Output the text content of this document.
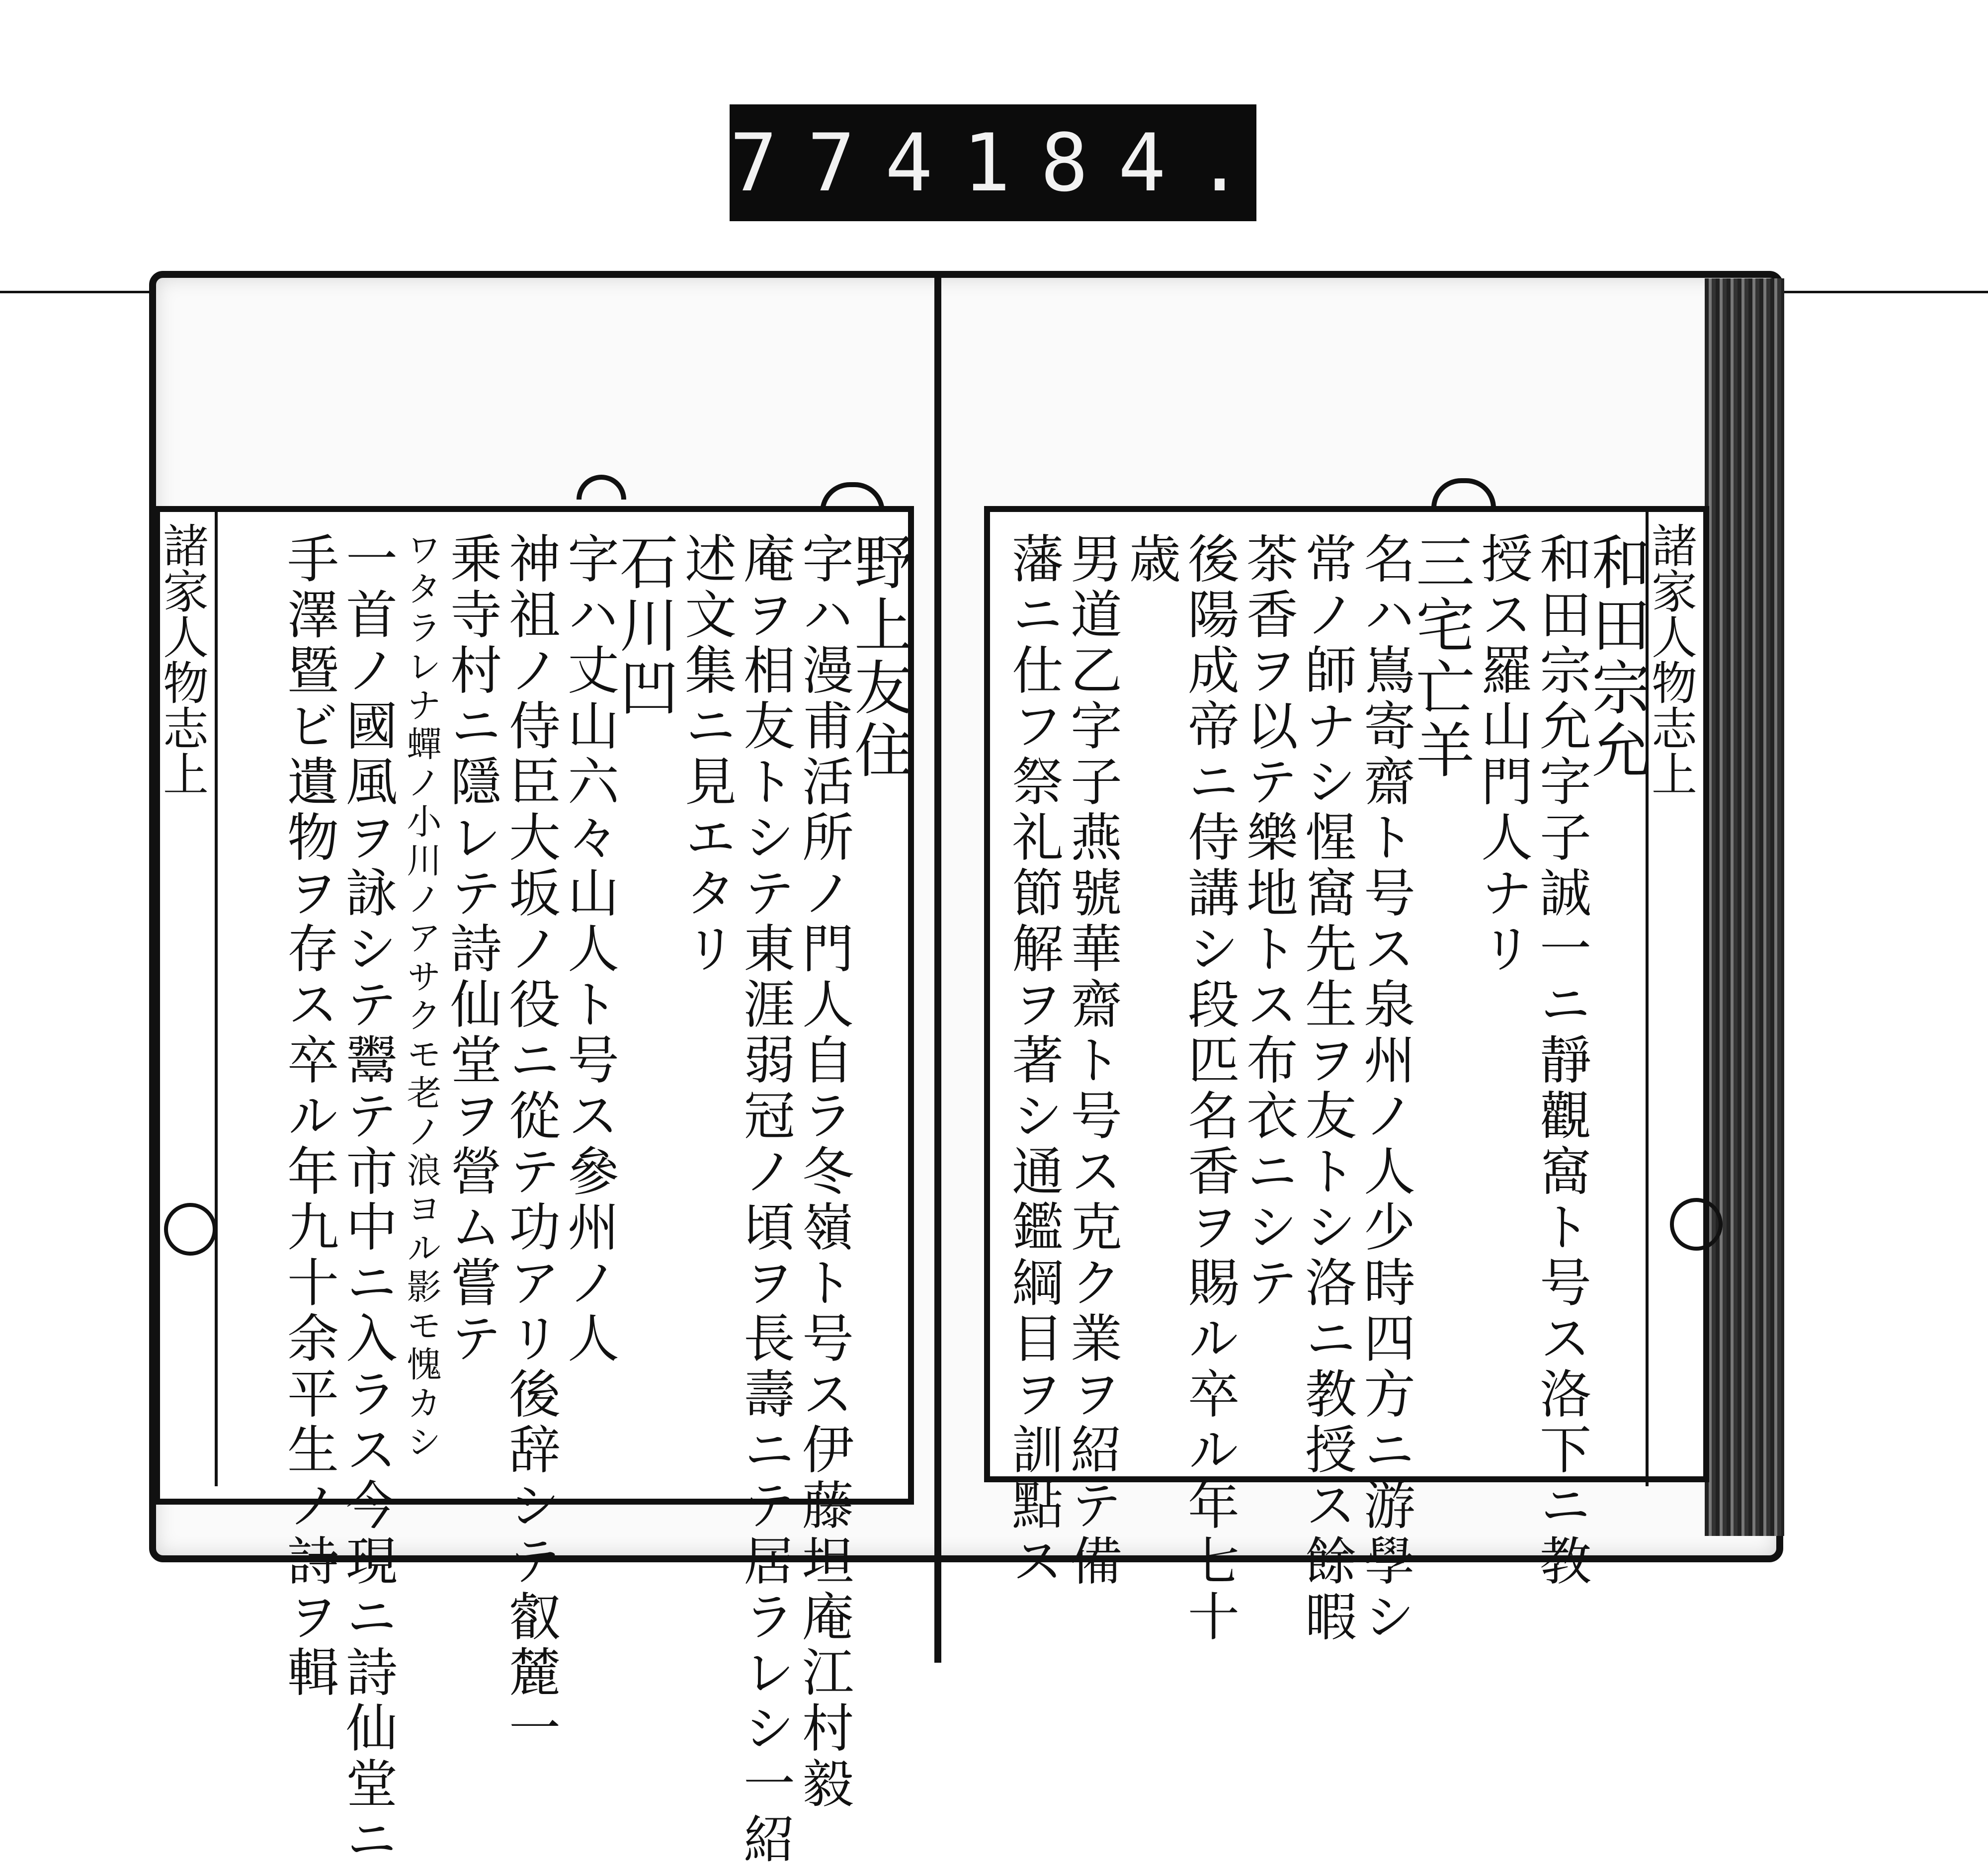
774 184.
諸家人物志上
和田宗允
和田宗允字子誠一ニ靜觀窩ト号ス洛下ニ教
授ス羅山門人ナリ
三宅亡羊
名ハ嶌寄齋ト号ス泉州ノ人少時四方ニ游學シ
常ノ師ナシ惺窩先生ヲ友トシ洛ニ教授ス餘暇
茶香ヲ以テ樂地トス布衣ニシテ
後陽成帝ニ侍講シ段匹名香ヲ賜ル卒ル年七十
歳
男道乙字子燕號華齋ト号ス克ク業ヲ紹テ備
藩ニ仕フ祭礼節解ヲ著シ通鑑綱目ヲ訓點ス
野上友住
字ハ漫甫活所ノ門人自ラ冬嶺ト号ス伊藤坦庵江村毅
庵ヲ相友トシテ東涯弱冠ノ頃ヲ長壽ニテ居ラレシ一紹
述文集ニ見エタリ
石川凹
字ハ丈山六々山人ト号ス參州ノ人
神祖ノ侍臣大坂ノ役ニ從テ功アリ後辞シテ叡麓一
乗寺村ニ隱レテ詩仙堂ヲ營ム嘗テ
ワタラレナ蟬ノ小川ノアサクモ老ノ浪ヨル影モ愧カシ
一首ノ國風ヲ詠シテ鬻テ市中ニ入ラス今現ニ詩仙堂ニ
手澤暨ビ遺物ヲ存ス卒ル年九十余平生ノ詩ヲ輯
諸家人物志上
